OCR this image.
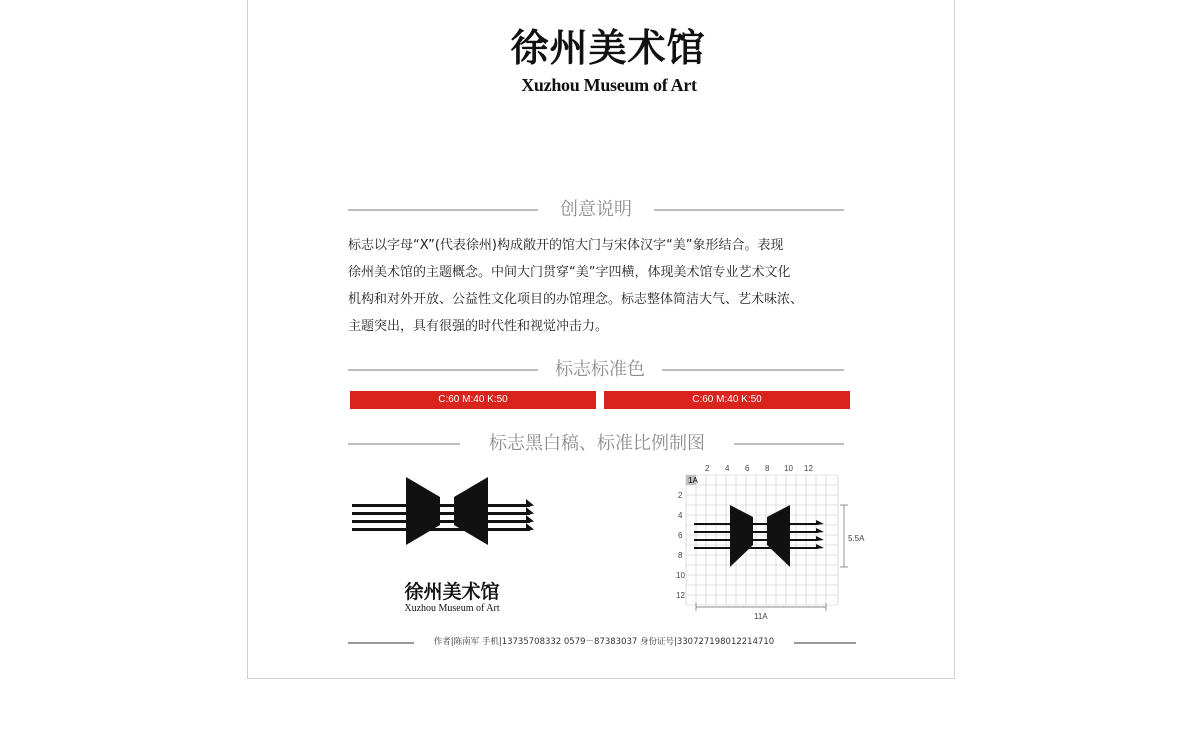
徐州美术馆
Xuzhou Museum of Art
创意说明
标志以字母“X”(代表徐州)构成敞开的馆大门与宋体汉字“美”象形结合。表现
徐州美术馆的主题概念。中间大门贯穿“美”字四横，体现美术馆专业艺术文化
机构和对外开放、公益性文化项目的办馆理念。标志整体简洁大气、艺术味浓、
主题突出，具有很强的时代性和视觉冲击力。
标志标准色
C:60 M:40 K:50	C:60 M:40 K:50
标志黑白稿、标准比例制图
徐州美术馆
Xuzhou Museum of Art
1A
2 4 6 8 10 12
2
4
6
8
10
12
5.5A
11A
作者|陈南军 手机|13735708332 0579－87383037 身份证号|330727198012214710
